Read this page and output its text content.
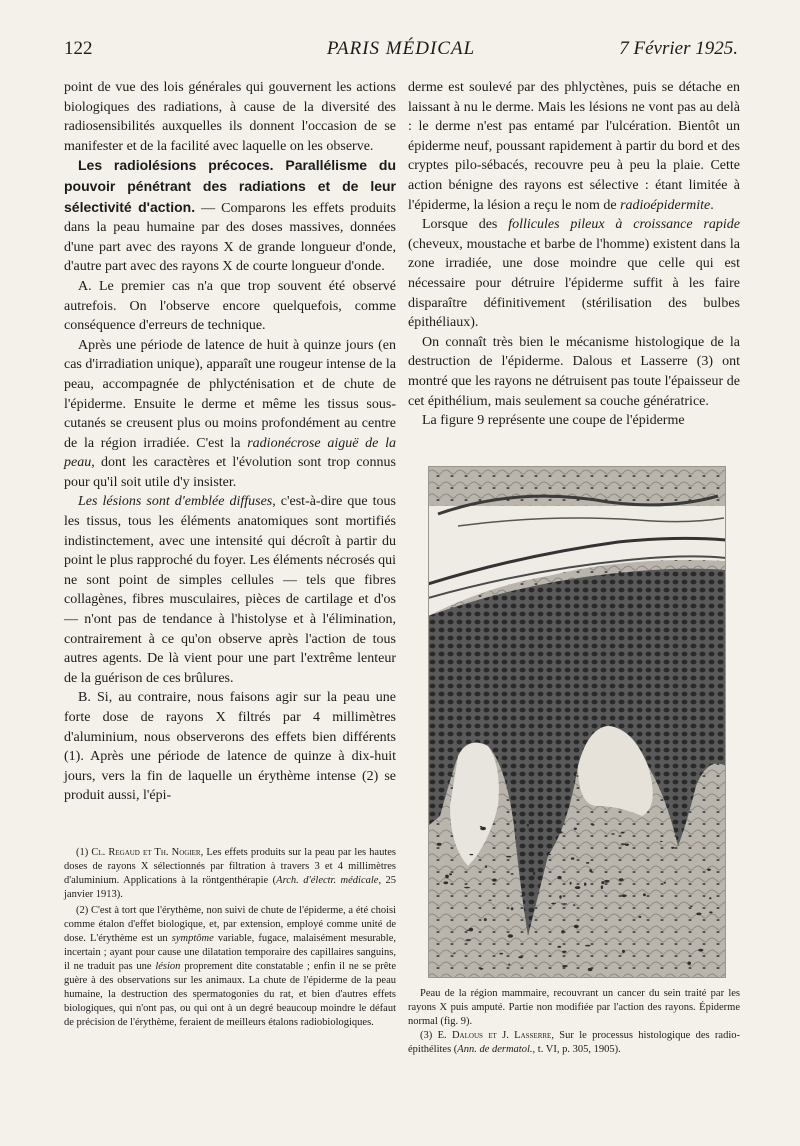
122	PARIS MÉDICAL	7 Février 1925.

point de vue des lois générales qui gouvernent les actions biologiques des radiations, à cause de la diversité des radiosensibilités auxquelles ils donnent l'occasion de se manifester et de la facilité avec laquelle on les observe.

Les radiolésions précoces. Parallélisme du pouvoir pénétrant des radiations et de leur sélectivité d'action. — Comparons les effets produits dans la peau humaine par des doses massives, données d'une part avec des rayons X de grande longueur d'onde, d'autre part avec des rayons X de courte longueur d'onde.

A. Le premier cas n'a que trop souvent été observé autrefois. On l'observe encore quelquefois, comme conséquence d'erreurs de technique.

Après une période de latence de huit à quinze jours (en cas d'irradiation unique), apparaît une rougeur intense de la peau, accompagnée de phlycténisation et de chute de l'épiderme. Ensuite le derme et même les tissus sous-cutanés se creusent plus ou moins profondément au centre de la région irradiée. C'est la radionécrose aiguë de la peau, dont les caractères et l'évolution sont trop connus pour qu'il soit utile d'y insister.

Les lésions sont d'emblée diffuses, c'est-à-dire que tous les tissus, tous les éléments anatomiques sont mortifiés indistinctement, avec une intensité qui décroît à partir du point le plus rapproché du foyer. Les éléments nécrosés qui ne sont point de simples cellules — tels que fibres collagènes, fibres musculaires, pièces de cartilage et d'os — n'ont pas de tendance à l'histolyse et à l'élimination, contrairement à ce qu'on observe après l'action de tous autres agents. De là vient pour une part l'extrême lenteur de la guérison de ces brûlures.

B. Si, au contraire, nous faisons agir sur la peau une forte dose de rayons X filtrés par 4 millimètres d'aluminium, nous observerons des effets bien différents (1). Après une période de latence de quinze à dix-huit jours, vers la fin de laquelle un érythème intense (2) se produit aussi, l'épi-

(1) Cl. Regaud et Th. Nogier, Les effets produits sur la peau par les hautes doses de rayons X sélectionnés par filtration à travers 3 et 4 millimètres d'aluminium. Applications à la röntgenthérapie (Arch. d'électr. médicale, 25 janvier 1913).

(2) C'est à tort que l'érythème, non suivi de chute de l'épiderme, a été choisi comme étalon d'effet biologique, et, par extension, employé comme unité de dose. L'érythème est un symptôme variable, fugace, malaisément mesurable, incertain ; ayant pour cause une dilatation temporaire des capillaires sanguins, il ne traduit pas une lésion proprement dite constatable ; enfin il ne se prête guère à des observations sur les animaux. La chute de l'épiderme de la peau humaine, la destruction des spermatogonies du rat, et bien d'autres effets biologiques, qui n'ont pas, ou qui ont à un degré beaucoup moindre le défaut de précision de l'érythème, feraient de meilleurs étalons radiobiologiques.

derme est soulevé par des phlyctènes, puis se détache en laissant à nu le derme. Mais les lésions ne vont pas au delà : le derme n'est pas entamé par l'ulcération. Bientôt un épiderme neuf, poussant rapidement à partir du bord et des cryptes pilo-sébacés, recouvre peu à peu la plaie. Cette action bénigne des rayons est sélective : étant limitée à l'épiderme, la lésion a reçu le nom de radioépidermite.

Lorsque des follicules pileux à croissance rapide (cheveux, moustache et barbe de l'homme) existent dans la zone irradiée, une dose moindre que celle qui est nécessaire pour détruire l'épiderme suffit à les faire disparaître définitivement (stérilisation des bulbes épithéliaux).

On connaît très bien le mécanisme histologique de la destruction de l'épiderme. Dalous et Lasserre (3) ont montré que les rayons ne détruisent pas toute l'épaisseur de cet épithélium, mais seulement sa couche génératrice.

La figure 9 représente une coupe de l'épiderme

Peau de la région mammaire, recouvrant un cancer du sein traité par les rayons X puis amputé. Partie non modifiée par l'action des rayons. Épiderme normal (fig. 9).

(3) E. Dalous et J. Lasserre, Sur le processus histologique des radio-épithélites (Ann. de dermatol., t. VI, p. 305, 1905).
